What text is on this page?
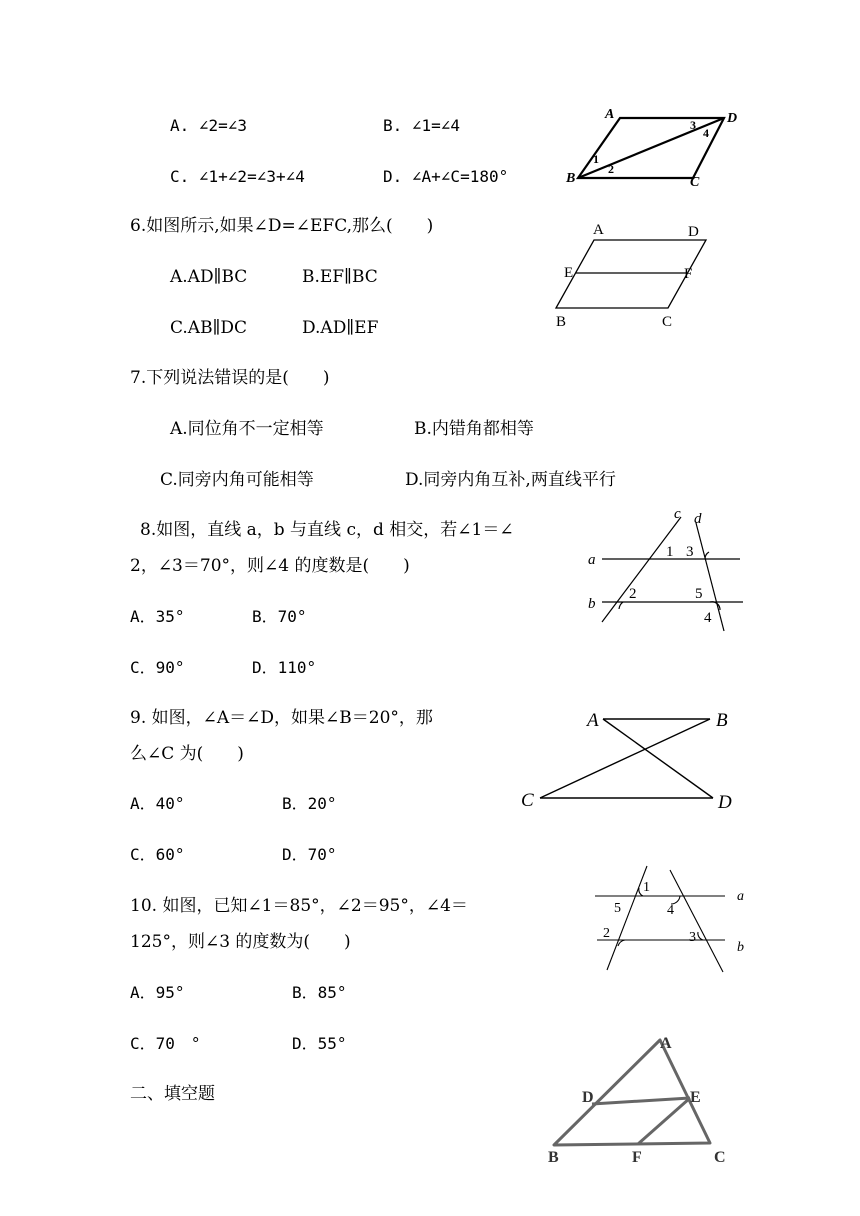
A. ∠2=∠3	B. ∠1=∠4
C. ∠1+∠2=∠3+∠4	D. ∠A+∠C=180°
A	D
B	C
1
2
3
4
6.如图所示,如果∠D=∠EFC,那么(　　)
A.AD∥BC	B.EF∥BC
C.AB∥DC	D.AD∥EF
A	D
E	F
B	C
7.下列说法错误的是(　　)
A.同位角不一定相等	B.内错角都相等
C.同旁内角可能相等	D.同旁内角互补,两直线平行
8.如图，直线 a，b 与直线 c，d 相交，若∠1＝∠
2，∠3＝70°，则∠4 的度数是(　　)
A．35°	B．70°
C．90°	D．110°
c d
a
b
1 3
2	5
4
9. 如图，∠A＝∠D，如果∠B＝20°，那
么∠C 为(　　)
A．40°	B．20°
C．60°	D．70°
A	B
C	D
10. 如图，已知∠1＝85°，∠2＝95°，∠4＝
125°，则∠3 的度数为(　　)
A．95°	B．85°
C．70　°	D．55°
a
b
1
5	4
2	3
二、填空题
A
D	E
B	F	C
